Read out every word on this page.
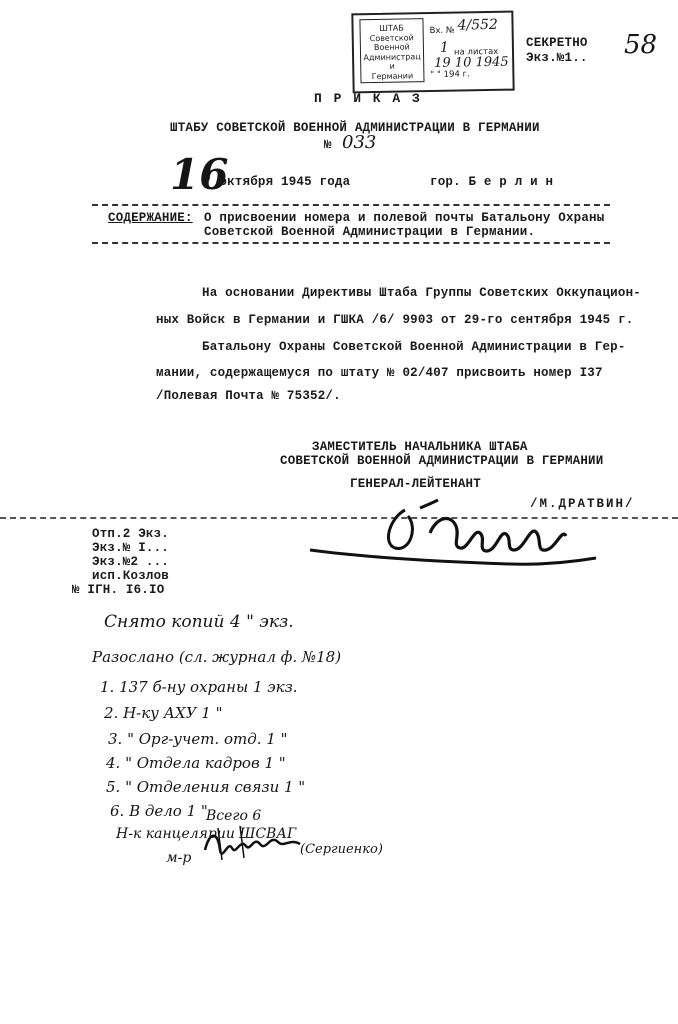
ШТАБ
Советской
Военной
Администрац
и
Германии
Вх. № 4/552
на листах
1
" " 194 г.
19 10 1945
СЕКРЕТНО
Экз.№1.. 58
П Р И К А З
ШТАБУ СОВЕТСКОЙ ВОЕННОЙ АДМИНИСТРАЦИИ В ГЕРМАНИИ
№ 033
16
" октября 1945 года	гор. Б е р л и н
СОДЕРЖАНИЕ: О присвоении номера и полевой почты Батальону Охраны
Советской Военной Администрации в Германии.
На основании Директивы Штаба Группы Советских Оккупацион-
ных Войск в Германии и ГШКА /6/ 9903 от 29-го сентября 1945 г.
Батальону Охраны Советской Военной Администрации в Гер-
мании, содержащемуся по штату № 02/407 присвоить номер I37
/Полевая Почта № 75352/.
ЗАМЕСТИТЕЛЬ НАЧАЛЬНИКА ШТАБА
СОВЕТСКОЙ ВОЕННОЙ АДМИНИСТРАЦИИ В ГЕРМАНИИ
ГЕНЕРАЛ-ЛЕЙТЕНАНТ
/М.ДРАТВИН/
Отп.2 Экз.
Экз.№ I...
Экз.№2 ...
исп.Козлов
№ IГН. I6.IO
Снято копий 4 " экз.
Разослано (сл. журнал ф. №18)
1. 137 б-ну охраны 1 экз.
2. Н-ку АХУ 1 "
3. " Орг-учет. отд. 1 "
4. " Отдела кадров 1 "
5. " Отделения связи 1 "
6. В дело 1 "
Всего 6
Н-к канцелярии ШСВАГ
м-р
(Сергиенко)
